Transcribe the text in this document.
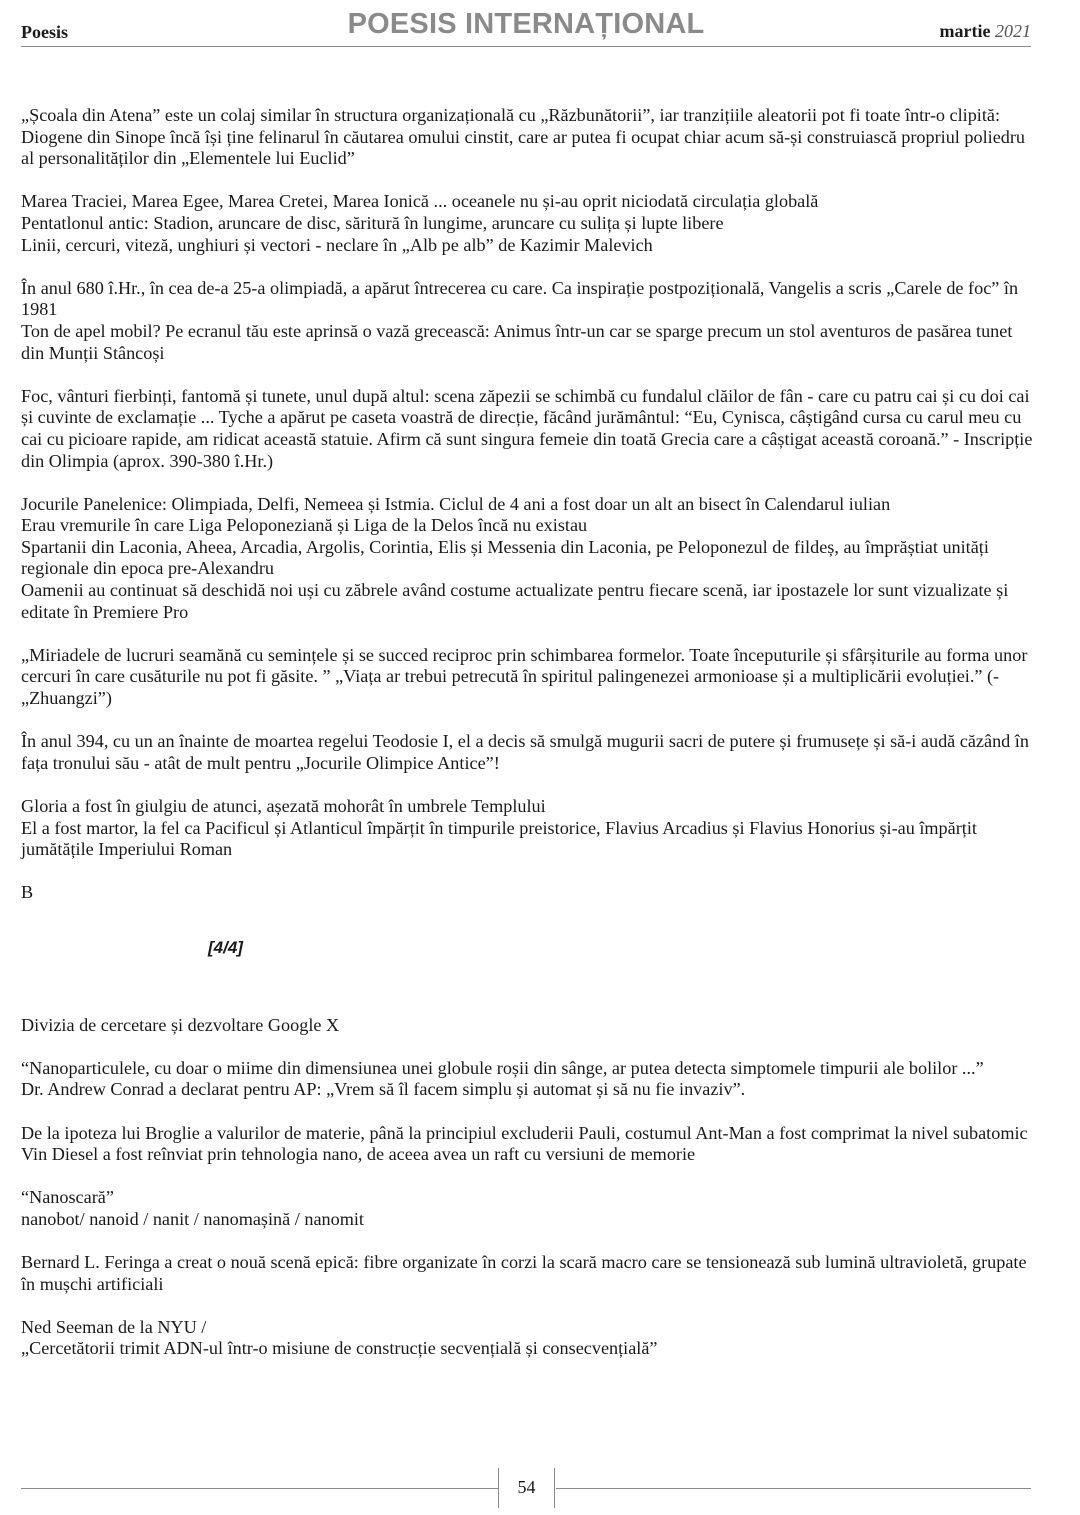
Poesis	POESIS INTERNAȚIONAL	martie 2021

„Școala din Atena” este un colaj similar în structura organizațională cu „Răzbunătorii”, iar tranzițiile aleatorii pot fi toate într-o clipită: Diogene din Sinope încă își ține felinarul în căutarea omului cinstit, care ar putea fi ocupat chiar acum să-și construiască propriul poliedru al personalităților din „Elementele lui Euclid”

Marea Traciei, Marea Egee, Marea Cretei, Marea Ionică ... oceanele nu și-au oprit niciodată circulația globală
Pentatlonul antic: Stadion, aruncare de disc, săritură în lungime, aruncare cu sulița și lupte libere
Linii, cercuri, viteză, unghiuri și vectori - neclare în „Alb pe alb” de Kazimir Malevich

În anul 680 î.Hr., în cea de-a 25-a olimpiadă, a apărut întrecerea cu care. Ca inspirație postpozițională, Vangelis a scris „Carele de foc” în 1981
Ton de apel mobil? Pe ecranul tău este aprinsă o vază grecească: Animus într-un car se sparge precum un stol aventuros de pasărea tunet din Munții Stâncoși

Foc, vânturi fierbinți, fantomă și tunete, unul după altul: scena zăpezii se schimbă cu fundalul clăilor de fân - care cu patru cai și cu doi cai și cuvinte de exclamație ... Tyche a apărut pe caseta voastră de direcție, făcând jurământul: “Eu, Cynisca, câștigând cursa cu carul meu cu cai cu picioare rapide, am ridicat această statuie. Afirm că sunt singura femeie din toată Grecia care a câștigat această coroană.” - Inscripție din Olimpia (aprox. 390-380 î.Hr.)

Jocurile Panelenice: Olimpiada, Delfi, Nemeea și Istmia. Ciclul de 4 ani a fost doar un alt an bisect în Calendarul iulian
Erau vremurile în care Liga Peloponeziană și Liga de la Delos încă nu existau
Spartanii din Laconia, Aheea, Arcadia, Argolis, Corintia, Elis și Messenia din Laconia, pe Peloponezul de fildeș, au împrăștiat unități regionale din epoca pre-Alexandru
Oamenii au continuat să deschidă noi uși cu zăbrele având costume actualizate pentru fiecare scenă, iar ipostazele lor sunt vizualizate și editate în Premiere Pro

„Miriadele de lucruri seamănă cu semințele și se succed reciproc prin schimbarea formelor. Toate începuturile și sfârșiturile au forma unor cercuri în care cusăturile nu pot fi găsite. ” „Viața ar trebui petrecută în spiritul palingenezei armonioase și a multiplicării evoluției.” (- „Zhuangzi”)

În anul 394, cu un an înainte de moartea regelui Teodosie I, el a decis să smulgă mugurii sacri de putere și frumusețe și să-i audă căzând în fața tronului său - atât de mult pentru „Jocurile Olimpice Antice”!

Gloria a fost în giulgiu de atunci, așezată mohorât în umbrele Templului
El a fost martor, la fel ca Pacificul și Atlanticul împărțit în timpurile preistorice, Flavius Arcadius și Flavius Honorius și-au împărțit jumătățile Imperiului Roman

B

[4/4]

Divizia de cercetare și dezvoltare Google X

“Nanoparticulele, cu doar o miime din dimensiunea unei globule roșii din sânge, ar putea detecta simptomele timpurii ale bolilor ...”
Dr. Andrew Conrad a declarat pentru AP: „Vrem să îl facem simplu și automat și să nu fie invaziv”.

De la ipoteza lui Broglie a valurilor de materie, până la principiul excluderii Pauli, costumul Ant-Man a fost comprimat la nivel subatomic
Vin Diesel a fost reînviat prin tehnologia nano, de aceea avea un raft cu versiuni de memorie

“Nanoscară”
nanobot/ nanoid / nanit / nanomașină / nanomit

Bernard L. Feringa a creat o nouă scenă epică: fibre organizate în corzi la scară macro care se tensionează sub lumină ultravioletă, grupate în mușchi artificiali

Ned Seeman de la NYU /
„Cercetătorii trimit ADN-ul într-o misiune de construcție secvențială și consecvențială”

54
